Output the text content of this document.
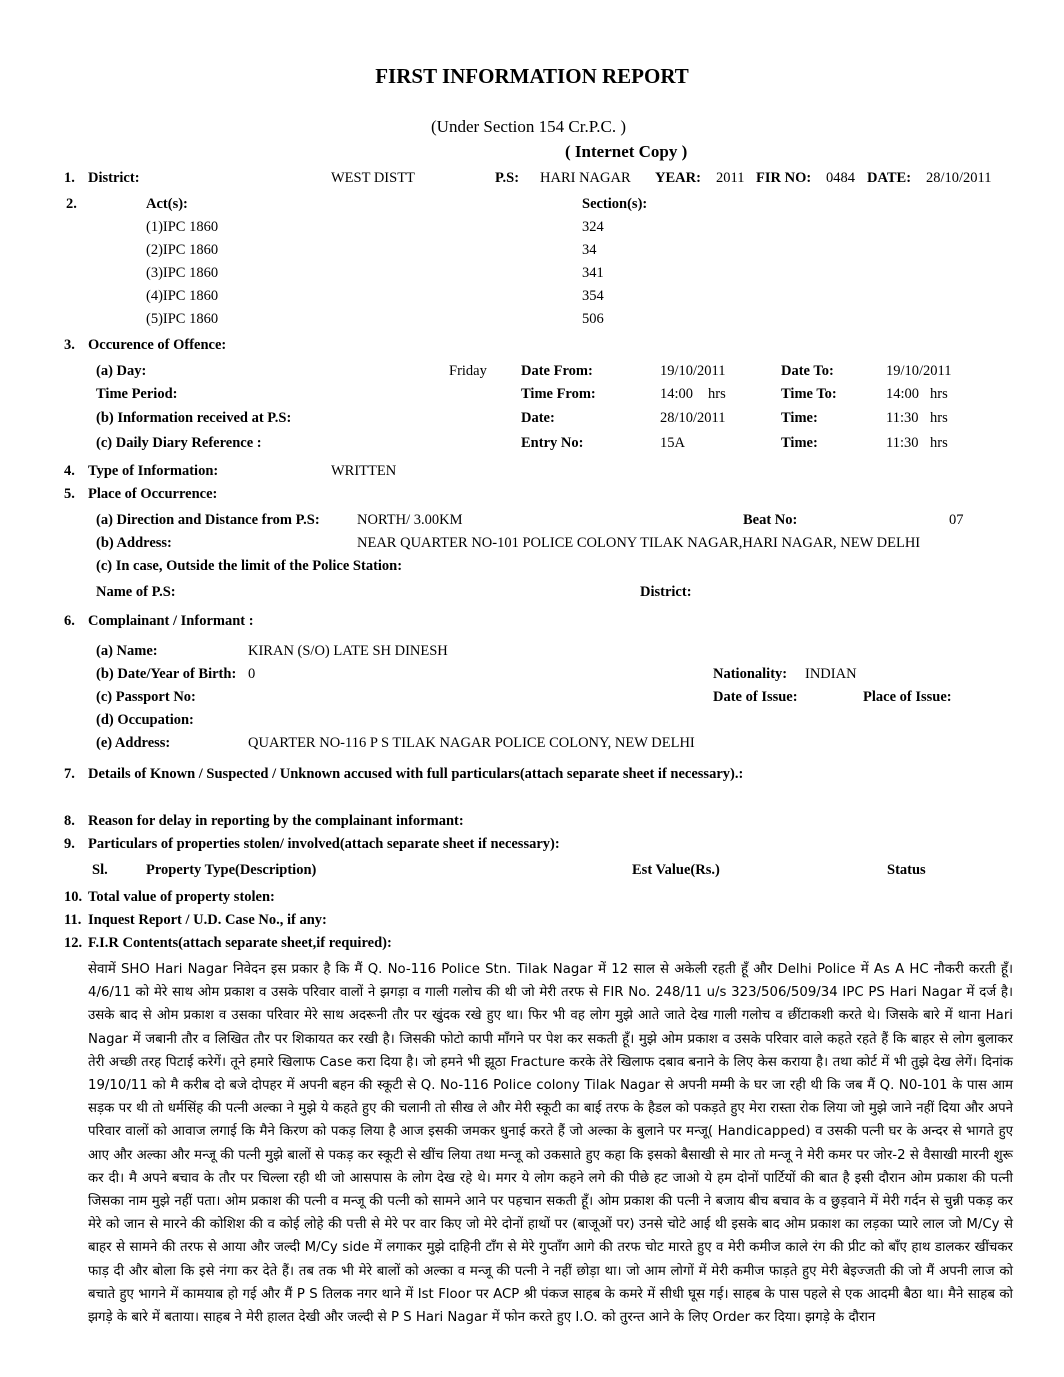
FIRST INFORMATION REPORT
(Under Section 154 Cr.P.C. )
( Internet Copy )
1. District:	WEST DISTT	P.S: HARI NAGAR YEAR: 2011 FIR NO: 0484 DATE: 28/10/2011
2.	Act(s):	Section(s):
(1)IPC 1860	324
(2)IPC 1860	34
(3)IPC 1860	341
(4)IPC 1860	354
(5)IPC 1860	506
3. Occurence of Offence:
(a) Day:	Friday Date From:	19/10/2011	Date To:	19/10/2011
Time Period:	Time From:	14:00 hrs	Time To:	14:00 hrs
(b) Information received at P.S:	Date:	28/10/2011	Time:	11:30 hrs
(c) Daily Diary Reference :	Entry No:	15A	Time:	11:30 hrs
4. Type of Information:	WRITTEN
5. Place of Occurrence:
(a) Direction and Distance from P.S:	NORTH/ 3.00KM	Beat No:	07
(b) Address:	NEAR QUARTER NO-101 POLICE COLONY TILAK NAGAR,HARI NAGAR, NEW DELHI
(c) In case, Outside the limit of the Police Station:
Name of P.S:	District:
6. Complainant / Informant :
(a) Name:	KIRAN (S/O) LATE SH DINESH
(b) Date/Year of Birth: 0	Nationality: INDIAN
(c) Passport No:	Date of Issue:	Place of Issue:
(d) Occupation:
(e) Address:	QUARTER NO-116 P S TILAK NAGAR POLICE COLONY, NEW DELHI
7. Details of Known / Suspected / Unknown accused with full particulars(attach separate sheet if necessary).:
8. Reason for delay in reporting by the complainant informant:
9. Particulars of properties stolen/ involved(attach separate sheet if necessary):
Sl.	Property Type(Description)	Est Value(Rs.)	Status
10. Total value of property stolen:
11. Inquest Report / U.D. Case No., if any:
12. F.I.R Contents(attach separate sheet,if required):
सेवामें SHO Hari Nagar निवेदन इस प्रकार है कि मैं Q. No-116 Police Stn. Tilak Nagar में 12 साल से अकेली रहती हूँ और Delhi Police में As A HC नौकरी करती हूँ। 4/6/11 को मेरे साथ ओम प्रकाश व उसके परिवार वालों ने झगड़ा व गाली गलोच की थी जो मेरी तरफ से FIR No. 248/11 u/s 323/506/509/34 IPC PS Hari Nagar में दर्ज है। उसके बाद से ओम प्रकाश व उसका परिवार मेरे साथ अदरूनी तौर पर खुंदक रखे हुए था। फिर भी वह लोग मुझे आते जाते देख गाली गलोच व छींटाकशी करते थे। जिसके बारे में थाना Hari Nagar में जबानी तौर व लिखित तौर पर शिकायत कर रखी है। जिसकी फोटो कापी माँगने पर पेश कर सकती हूँ। मुझे ओम प्रकाश व उसके परिवार वाले कहते रहते हैं कि बाहर से लोग बुलाकर तेरी अच्छी तरह पिटाई करेगें। तूने हमारे खिलाफ Case करा दिया है। जो हमने भी झूठा Fracture करके तेरे खिलाफ दबाव बनाने के लिए केस कराया है। तथा कोर्ट में भी तुझे देख लेगें। दिनांक 19/10/11 को मै करीब दो बजे दोपहर में अपनी बहन की स्कूटी से Q. No-116 Police colony Tilak Nagar से अपनी मम्मी के घर जा रही थी कि जब मैं Q. N0-101 के पास आम सड़क पर थी तो धर्मसिंह की पत्नी अल्का ने मुझे ये कहते हुए की चलानी तो सीख ले और मेरी स्कूटी का बाई तरफ के हैडल को पकड़ते हुए मेरा रास्ता रोक लिया जो मुझे जाने नहीं दिया और अपने परिवार वालों को आवाज लगाई कि मैने किरण को पकड़ लिया है आज इसकी जमकर धुनाई करते हैं जो अल्का के बुलाने पर मन्जू( Handicapped) व उसकी पत्नी घर के अन्दर से भागते हुए आए और अल्का और मन्जू की पत्नी मुझे बालों से पकड़ कर स्कूटी से खींच लिया तथा मन्जू को उकसाते हुए कहा कि इसको बैसाखी से मार तो मन्जू ने मेरी कमर पर जोर-2 से वैसाखी मारनी शुरू कर दी। मै अपने बचाव के तौर पर चिल्ला रही थी जो आसपास के लोग देख रहे थे। मगर ये लोग कहने लगे की पीछे हट जाओ ये हम दोनों पार्टियों की बात है इसी दौरान ओम प्रकाश की पत्नी जिसका नाम मुझे नहीं पता। ओम प्रकाश की पत्नी व मन्जू की पत्नी को सामने आने पर पहचान सकती हूँ। ओम प्रकाश की पत्नी ने बजाय बीच बचाव के व छुड़वाने में मेरी गर्दन से चुन्नी पकड़ कर मेरे को जान से मारने की कोशिश की व कोई लोहे की पत्ती से मेरे पर वार किए जो मेरे दोनों हाथों पर (बाजूओं पर) उनसे चोटे आई थी इसके बाद ओम प्रकाश का लड़का प्यारे लाल जो M/Cy से बाहर से सामने की तरफ से आया और जल्दी M/Cy side में लगाकर मुझे दाहिनी टाँग से मेरे गुप्ताँग आगे की तरफ चोट मारते हुए व मेरी कमीज काले रंग की प्रीट को बाँए हाथ डालकर खींचकर फाड़ दी और बोला कि इसे नंगा कर देते हैं। तब तक भी मेरे बालों को अल्का व मन्जू की पत्नी ने नहीं छोड़ा था। जो आम लोगों में मेरी कमीज फाड़ते हुए मेरी बेइज्जती की जो मैं अपनी लाज को बचाते हुए भागने में कामयाब हो गई और मैं P S तिलक नगर थाने में Ist Floor पर ACP श्री पंकज साहब के कमरे में सीधी घूस गई। साहब के पास पहले से एक आदमी बैठा था। मैने साहब को झगड़े के बारे में बताया। साहब ने मेरी हालत देखी और जल्दी से P S Hari Nagar में फोन करते हुए I.O. को तुरन्त आने के लिए Order कर दिया। झगड़े के दौरान
